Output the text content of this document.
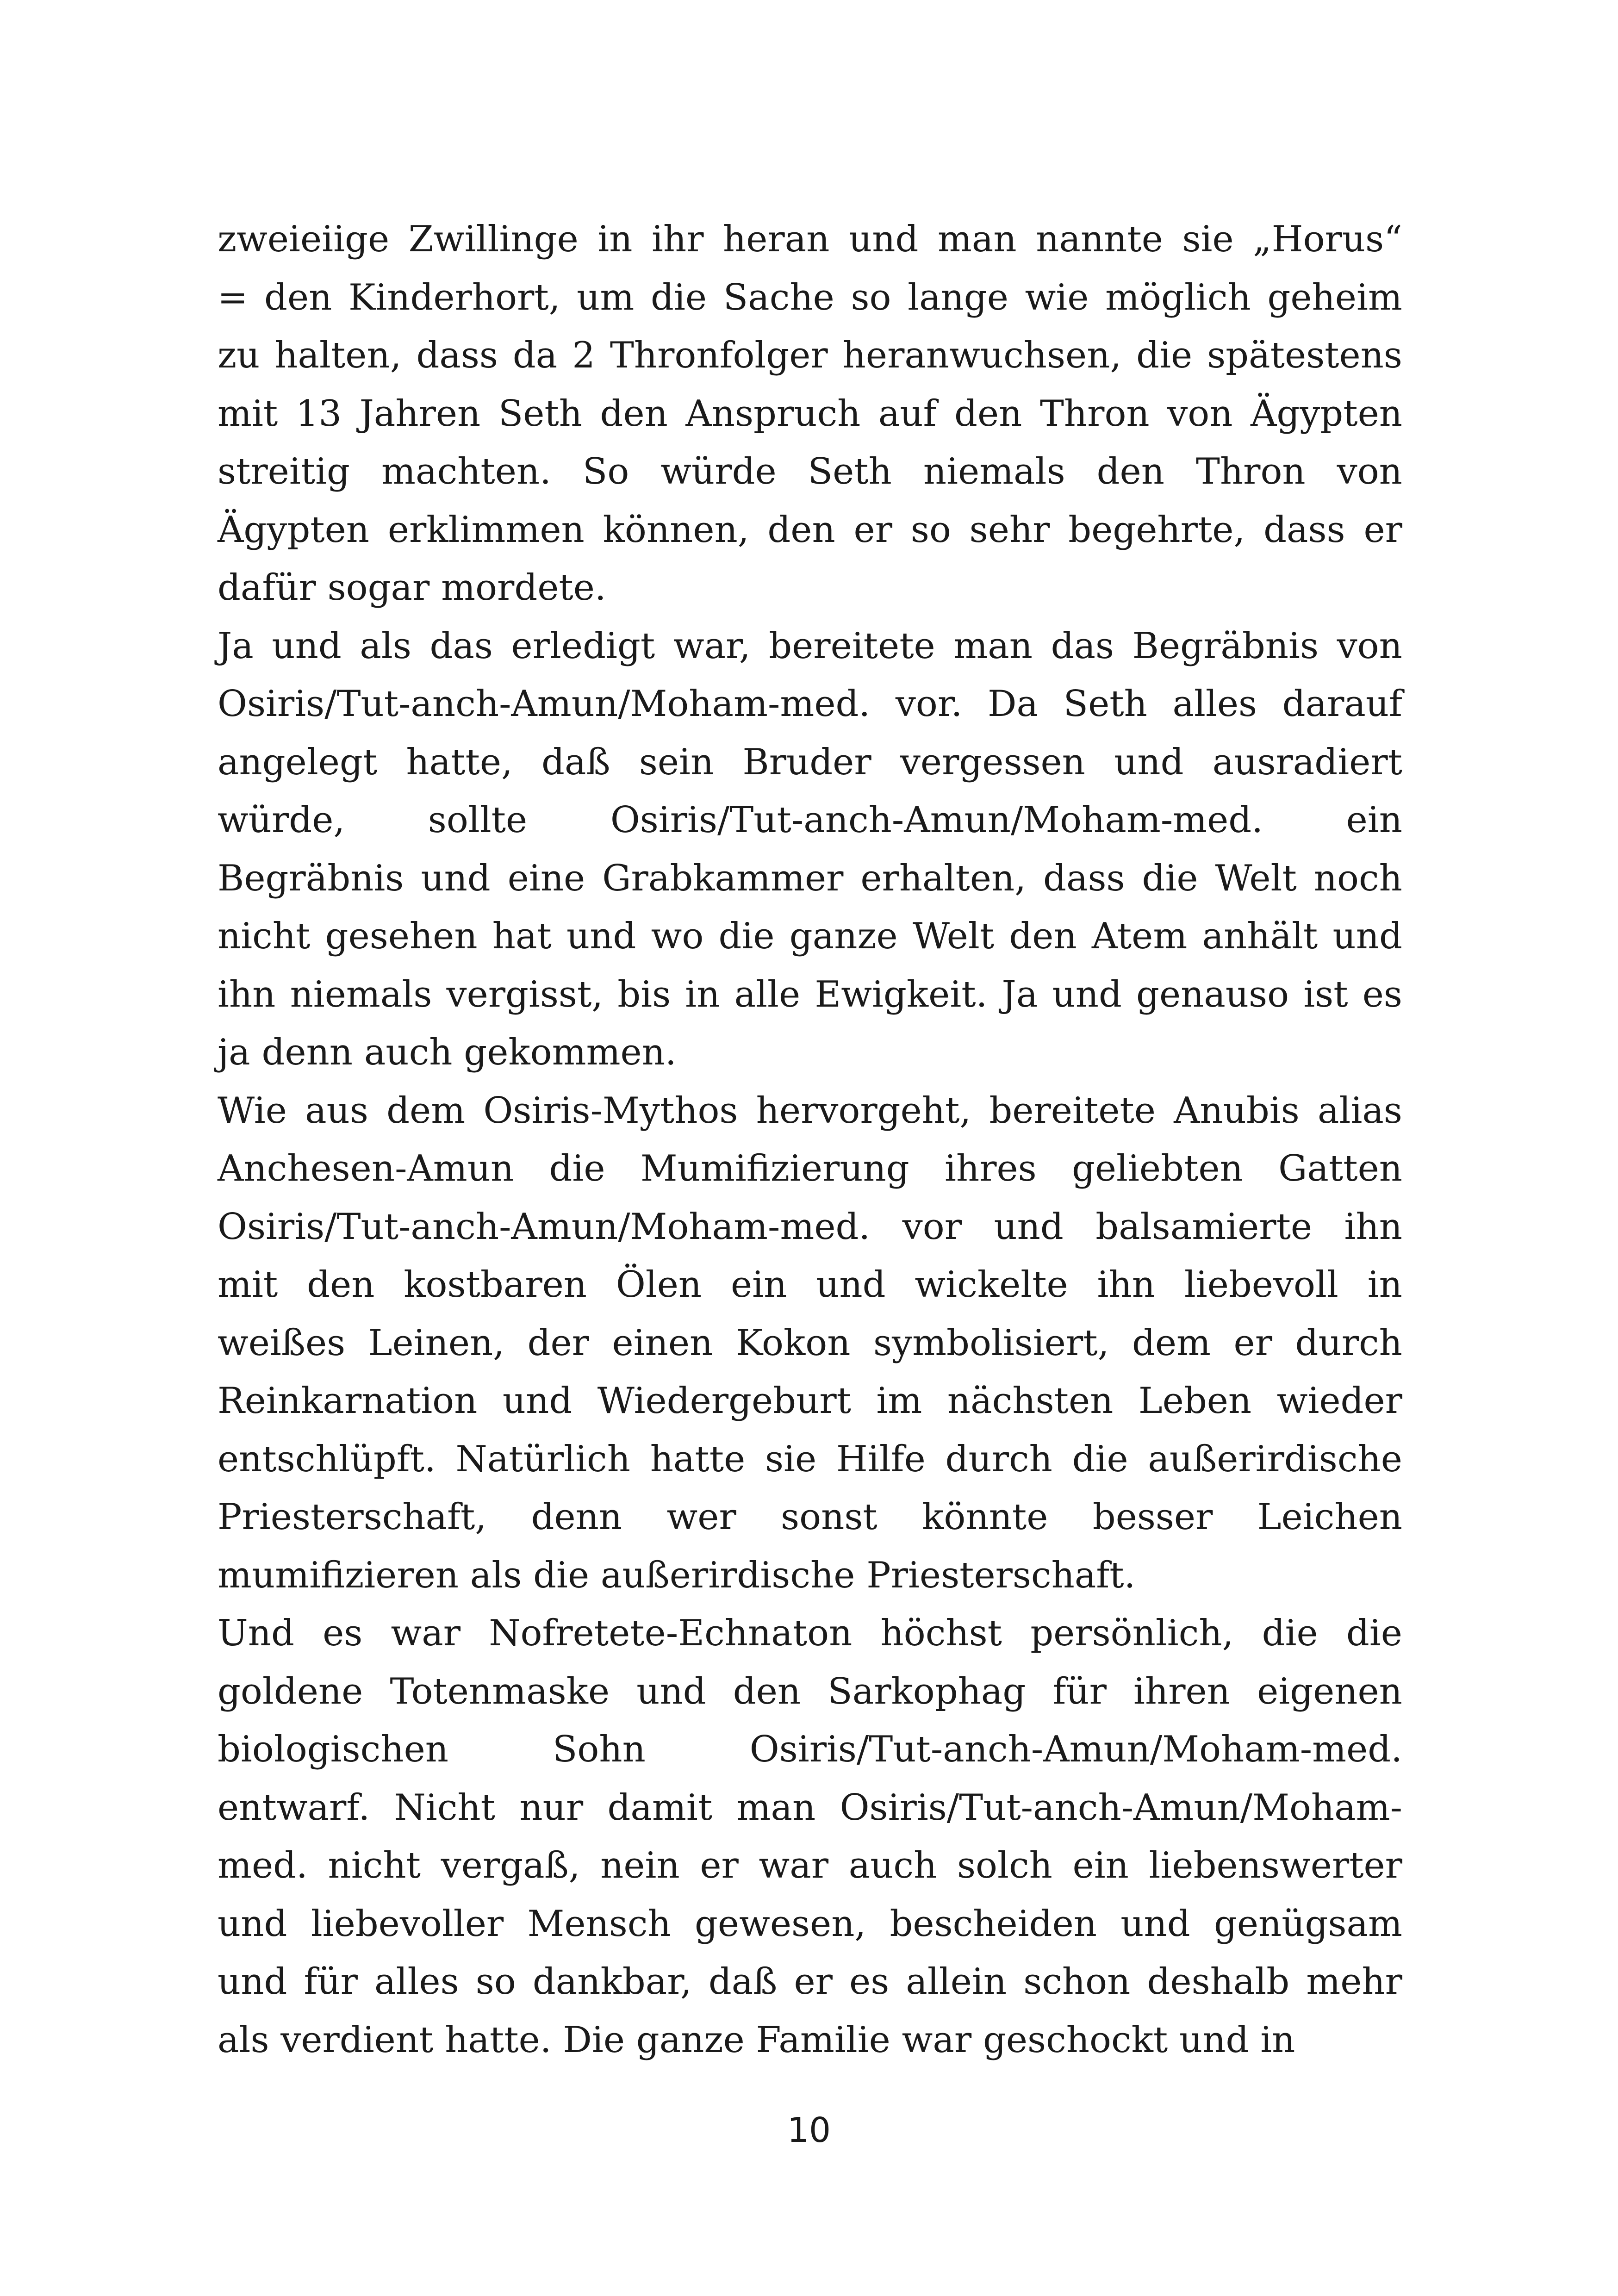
zweieiige Zwillinge in ihr heran und man nannte sie „Horus“
= den Kinderhort, um die Sache so lange wie möglich geheim
zu halten, dass da 2 Thronfolger heranwuchsen, die spätestens
mit 13 Jahren Seth den Anspruch auf den Thron von Ägypten
streitig machten. So würde Seth niemals den Thron von
Ägypten erklimmen können, den er so sehr begehrte, dass er
dafür sogar mordete.
Ja und als das erledigt war, bereitete man das Begräbnis von
Osiris/Tut-anch-Amun/Moham-med. vor. Da Seth alles darauf
angelegt hatte, daß sein Bruder vergessen und ausradiert
würde, sollte Osiris/Tut-anch-Amun/Moham-med. ein
Begräbnis und eine Grabkammer erhalten, dass die Welt noch
nicht gesehen hat und wo die ganze Welt den Atem anhält und
ihn niemals vergisst, bis in alle Ewigkeit. Ja und genauso ist es
ja denn auch gekommen.
Wie aus dem Osiris-Mythos hervorgeht, bereitete Anubis alias
Anchesen-Amun die Mumifizierung ihres geliebten Gatten
Osiris/Tut-anch-Amun/Moham-med. vor und balsamierte ihn
mit den kostbaren Ölen ein und wickelte ihn liebevoll in
weißes Leinen, der einen Kokon symbolisiert, dem er durch
Reinkarnation und Wiedergeburt im nächsten Leben wieder
entschlüpft. Natürlich hatte sie Hilfe durch die außerirdische
Priesterschaft, denn wer sonst könnte besser Leichen
mumifizieren als die außerirdische Priesterschaft.
Und es war Nofretete-Echnaton höchst persönlich, die die
goldene Totenmaske und den Sarkophag für ihren eigenen
biologischen	Sohn	Osiris/Tut-anch-Amun/Moham-med.
entwarf. Nicht nur damit man Osiris/Tut-anch-Amun/Moham-
med. nicht vergaß, nein er war auch solch ein liebenswerter
und liebevoller Mensch gewesen, bescheiden und genügsam
und für alles so dankbar, daß er es allein schon deshalb mehr
als verdient hatte. Die ganze Familie war geschockt und in
10
